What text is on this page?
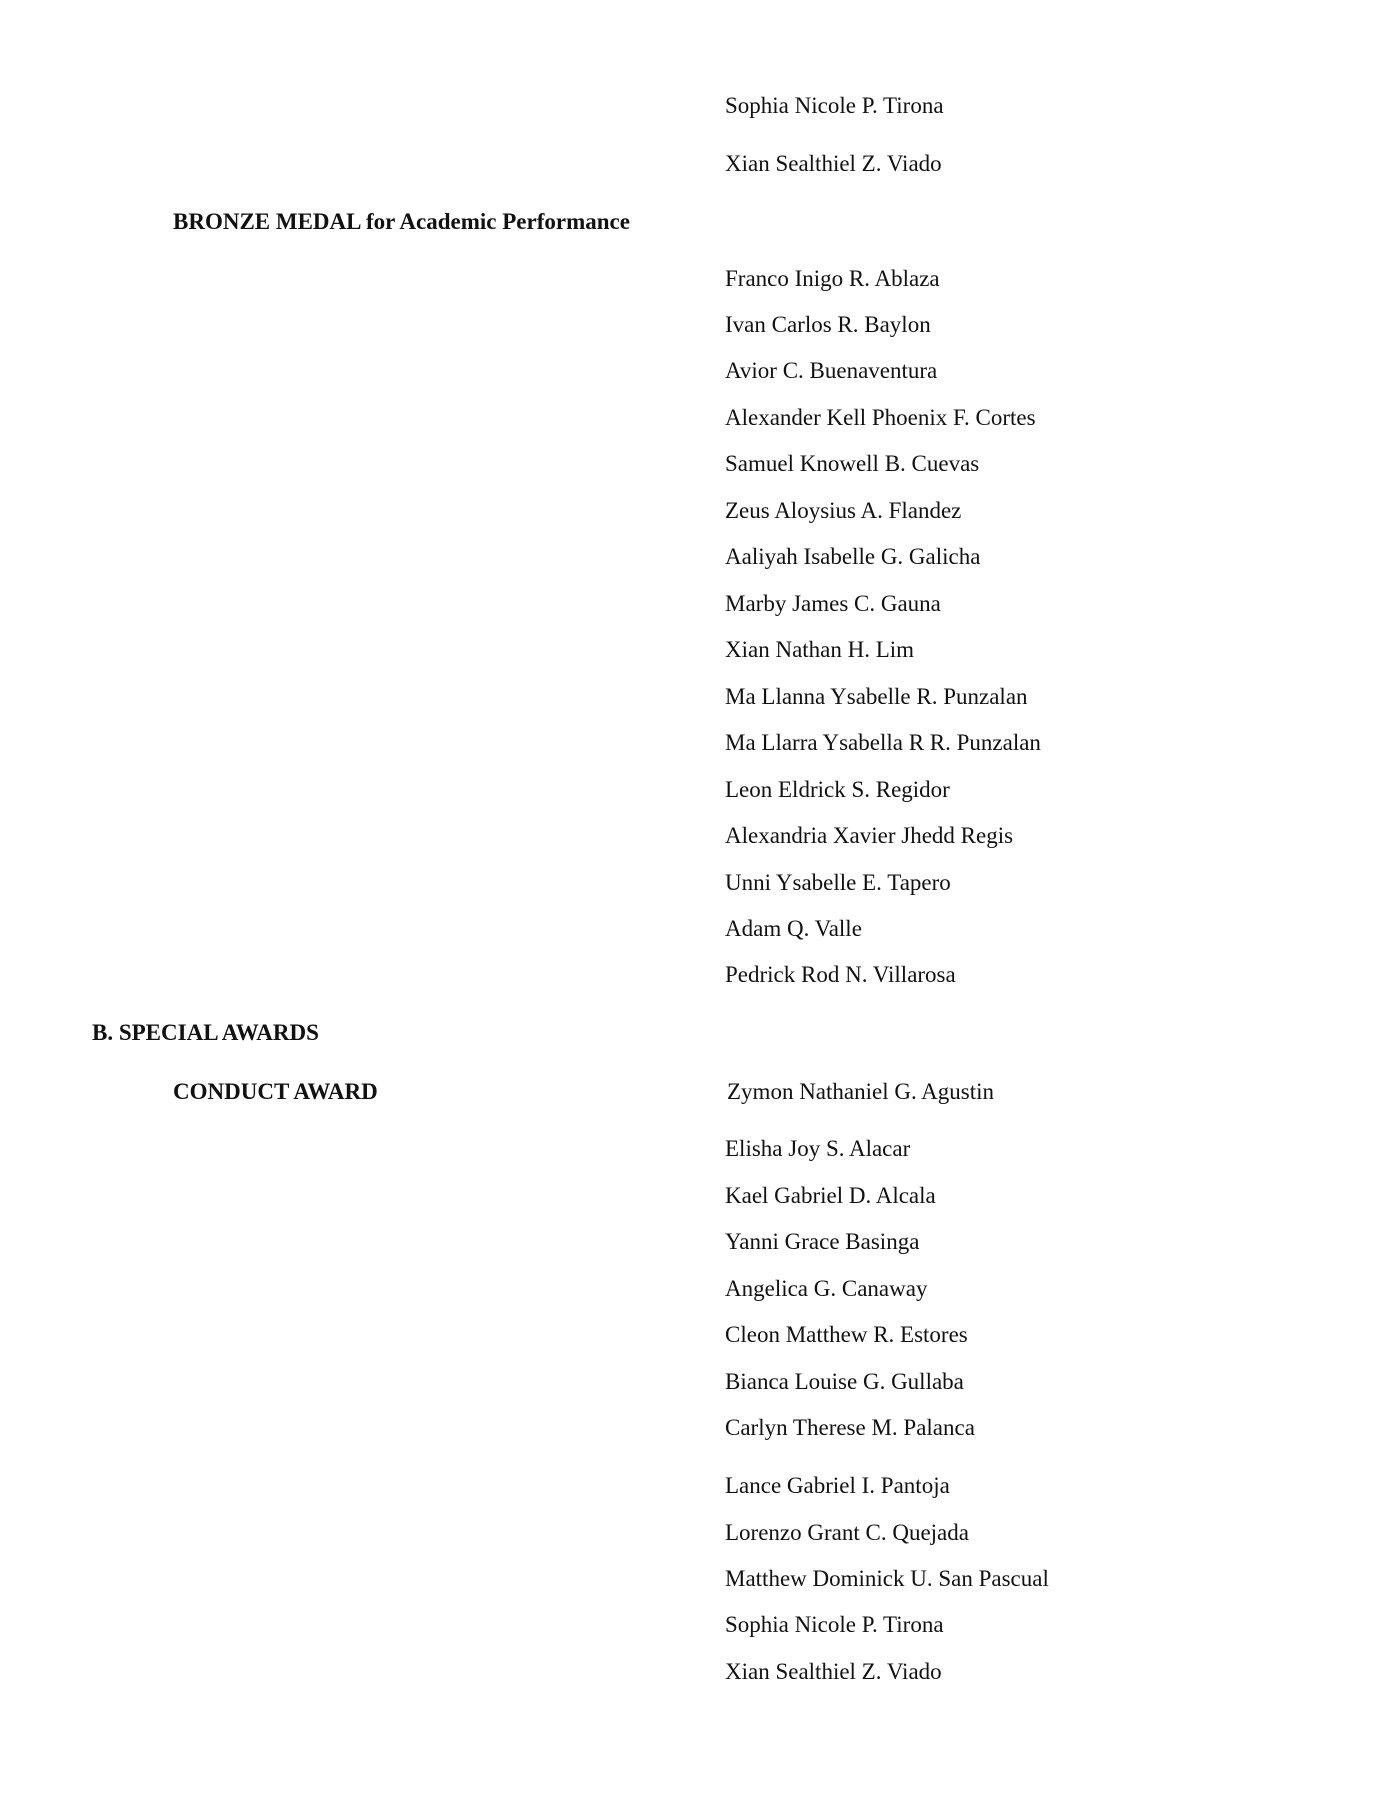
Sophia Nicole P. Tirona
Xian Sealthiel Z. Viado
BRONZE MEDAL for Academic Performance
Franco Inigo R. Ablaza
Ivan Carlos R. Baylon
Avior C. Buenaventura
Alexander Kell Phoenix F. Cortes
Samuel Knowell B. Cuevas
Zeus Aloysius A. Flandez
Aaliyah Isabelle G. Galicha
Marby James C. Gauna
Xian Nathan H. Lim
Ma Llanna Ysabelle R. Punzalan
Ma Llarra Ysabella R R. Punzalan
Leon Eldrick S. Regidor
Alexandria Xavier Jhedd Regis
Unni Ysabelle E. Tapero
Adam Q. Valle
Pedrick Rod N. Villarosa
B. SPECIAL AWARDS
CONDUCT AWARD	Zymon Nathaniel G. Agustin
Elisha Joy S. Alacar
Kael Gabriel D. Alcala
Yanni Grace Basinga
Angelica G. Canaway
Cleon Matthew R. Estores
Bianca Louise G. Gullaba
Carlyn Therese M. Palanca
Lance Gabriel I. Pantoja
Lorenzo Grant C. Quejada
Matthew Dominick U. San Pascual
Sophia Nicole P. Tirona
Xian Sealthiel Z. Viado
